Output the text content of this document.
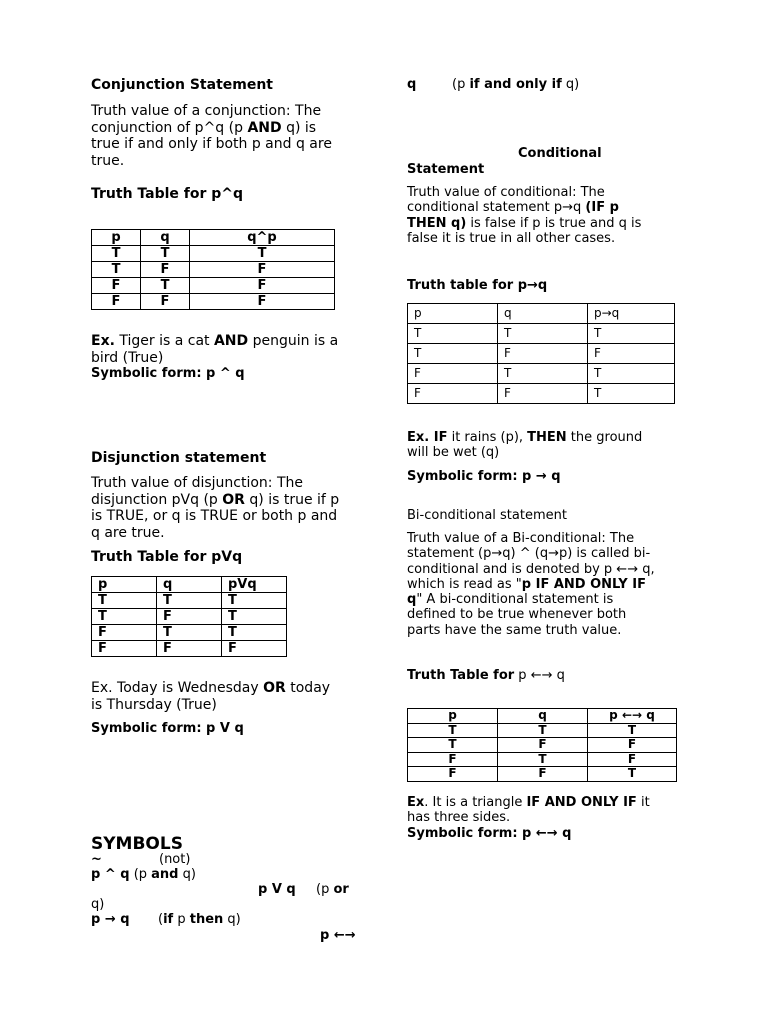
Conjunction Statement
Truth value of a conjunction: The
conjunction of p^q (p AND q) is
true if and only if both p and q are
true.
Truth Table for p^q
p	q	q^p
T	T	T
T	F	F
F	T	F
F	F	F
Ex. Tiger is a cat AND penguin is a
bird (True)
Symbolic form: p ^ q
Disjunction statement
Truth value of disjunction: The
disjunction pVq (p OR q) is true if p
is TRUE, or q is TRUE or both p and
q are true.
Truth Table for pVq
p	q	pVq
T	T	T
T	F	T
F	T	T
F	F	F
Ex. Today is Wednesday OR today
is Thursday (True)
Symbolic form: p V q
SYMBOLS
~	(not)
p ^ q (p and q)
p V q (p or
q)
p → q (if p then q)
p ←→
q	(p if and only if q)
Conditional
Statement
Truth value of conditional: The
conditional statement p→q (IF p
THEN q) is false if p is true and q is
false it is true in all other cases.
Truth table for p→q
p	q	p→q
T	T	T
T	F	F
F	T	T
F	F	T
Ex. IF it rains (p), THEN the ground
will be wet (q)
Symbolic form: p → q
Bi-conditional statement
Truth value of a Bi-conditional: The
statement (p→q) ^ (q→p) is called bi-
conditional and is denoted by p ←→ q,
which is read as "p IF AND ONLY IF
q" A bi-conditional statement is
defined to be true whenever both
parts have the same truth value.
Truth Table for p ←→ q
p	q	p ←→ q
T	T	T
T	F	F
F	T	F
F	F	T
Ex. It is a triangle IF AND ONLY IF it
has three sides.
Symbolic form: p ←→ q
